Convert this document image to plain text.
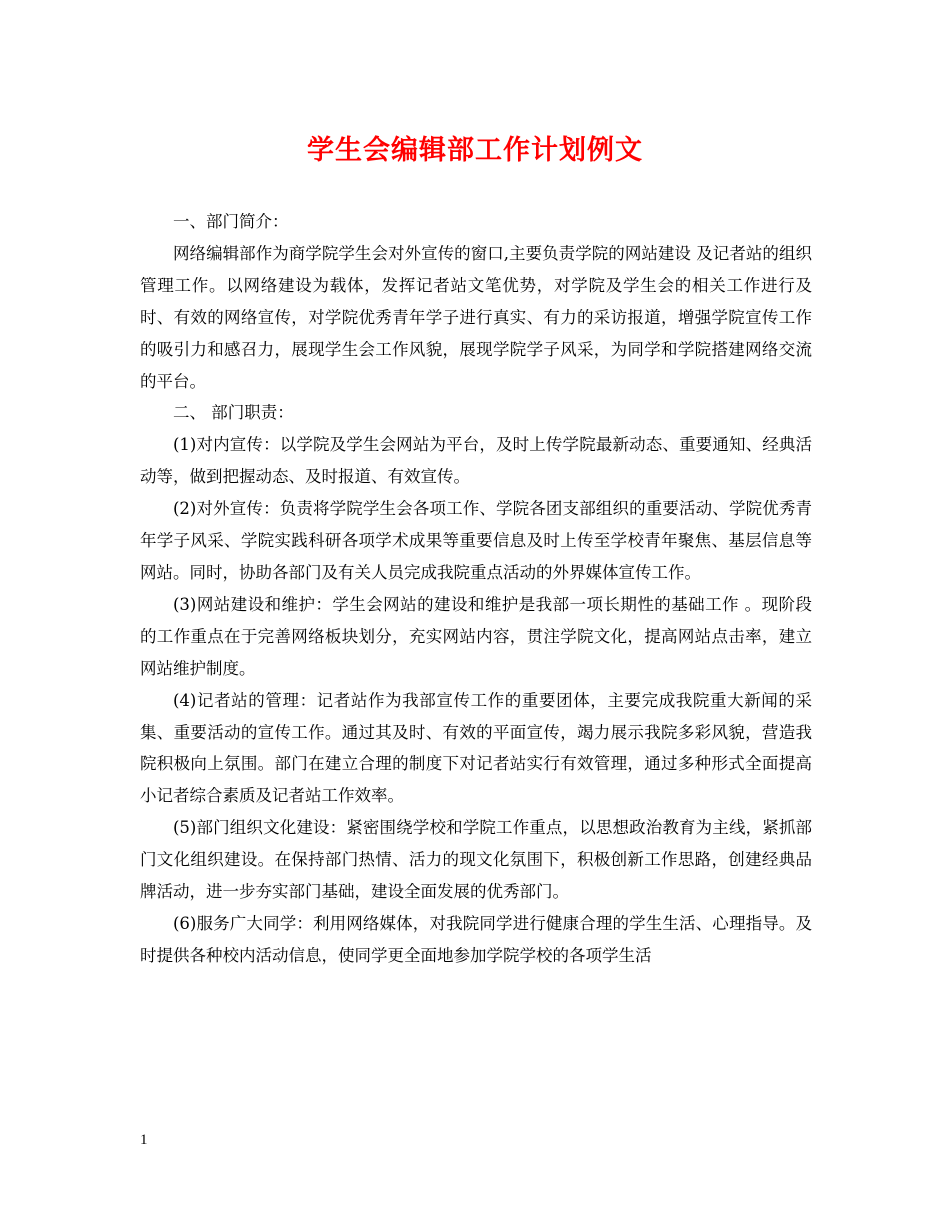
学生会编辑部工作计划例文

一、部门简介：

网络编辑部作为商学院学生会对外宣传的窗口,主要负责学院的网站建设 及记者站的组织管理工作。以网络建设为载体，发挥记者站文笔优势，对学院及学生会的相关工作进行及时、有效的网络宣传，对学院优秀青年学子进行真实、有力的采访报道，增强学院宣传工作的吸引力和感召力，展现学生会工作风貌，展现学院学子风采，为同学和学院搭建网络交流的平台。

二、 部门职责：

(1)对内宣传：以学院及学生会网站为平台，及时上传学院最新动态、重要通知、经典活动等，做到把握动态、及时报道、有效宣传。

(2)对外宣传：负责将学院学生会各项工作、学院各团支部组织的重要活动、学院优秀青年学子风采、学院实践科研各项学术成果等重要信息及时上传至学校青年聚焦、基层信息等网站。同时，协助各部门及有关人员完成我院重点活动的外界媒体宣传工作。

(3)网站建设和维护：学生会网站的建设和维护是我部一项长期性的基础工作 。现阶段的工作重点在于完善网络板块划分，充实网站内容，贯注学院文化，提高网站点击率，建立网站维护制度。

(4)记者站的管理：记者站作为我部宣传工作的重要团体，主要完成我院重大新闻的采集、重要活动的宣传工作。通过其及时、有效的平面宣传，竭力展示我院多彩风貌，营造我院积极向上氛围。部门在建立合理的制度下对记者站实行有效管理，通过多种形式全面提高小记者综合素质及记者站工作效率。

(5)部门组织文化建设：紧密围绕学校和学院工作重点，以思想政治教育为主线，紧抓部门文化组织建设。在保持部门热情、活力的现文化氛围下，积极创新工作思路，创建经典品牌活动，进一步夯实部门基础，建设全面发展的优秀部门。

(6)服务广大同学：利用网络媒体，对我院同学进行健康合理的学生生活、心理指导。及时提供各种校内活动信息，使同学更全面地参加学院学校的各项学生活

1
